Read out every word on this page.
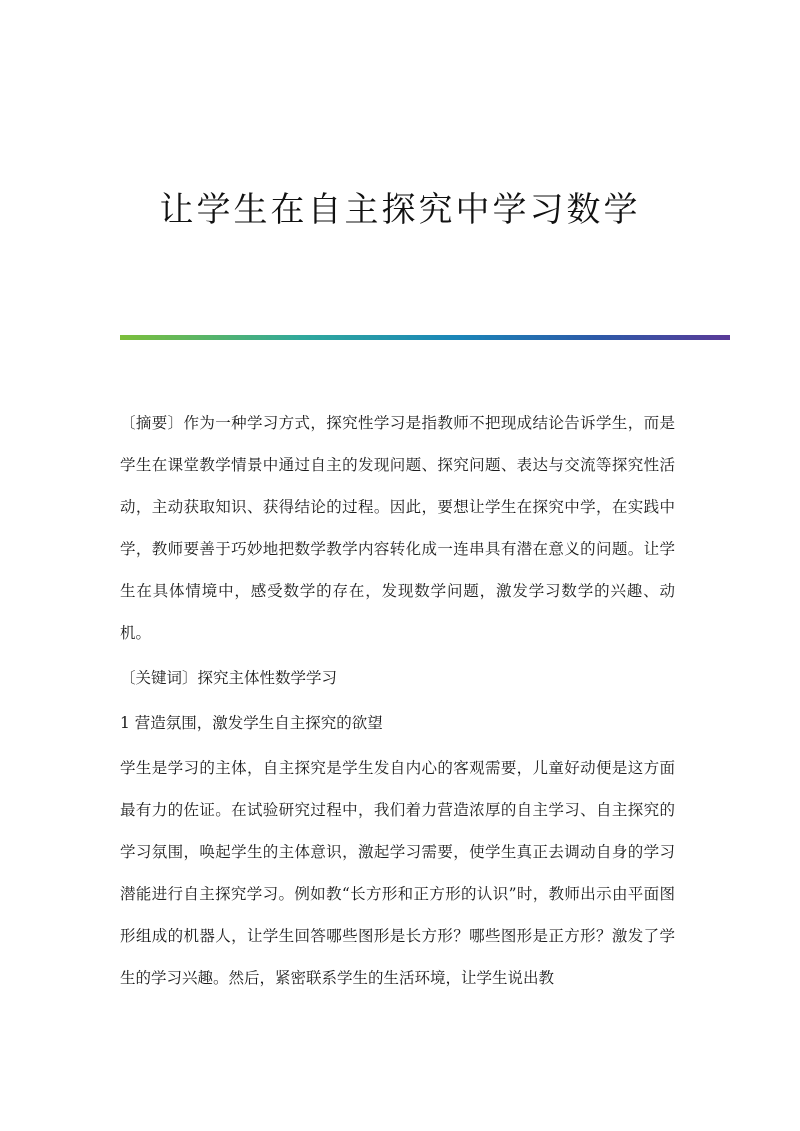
让学生在自主探究中学习数学

〔摘要〕作为一种学习方式，探究性学习是指教师不把现成结论告诉学生，而是学生在课堂教学情景中通过自主的发现问题、探究问题、表达与交流等探究性活动，主动获取知识、获得结论的过程。因此，要想让学生在探究中学，在实践中学，教师要善于巧妙地把数学教学内容转化成一连串具有潜在意义的问题。让学生在具体情境中，感受数学的存在，发现数学问题，激发学习数学的兴趣、动机。

〔关键词〕探究主体性数学学习

1 营造氛围，激发学生自主探究的欲望

学生是学习的主体，自主探究是学生发自内心的客观需要，儿童好动便是这方面最有力的佐证。在试验研究过程中，我们着力营造浓厚的自主学习、自主探究的学习氛围，唤起学生的主体意识，激起学习需要，使学生真正去调动自身的学习潜能进行自主探究学习。例如教“长方形和正方形的认识”时，教师出示由平面图形组成的机器人，让学生回答哪些图形是长方形？哪些图形是正方形？激发了学生的学习兴趣。然后，紧密联系学生的生活环境，让学生说出教
